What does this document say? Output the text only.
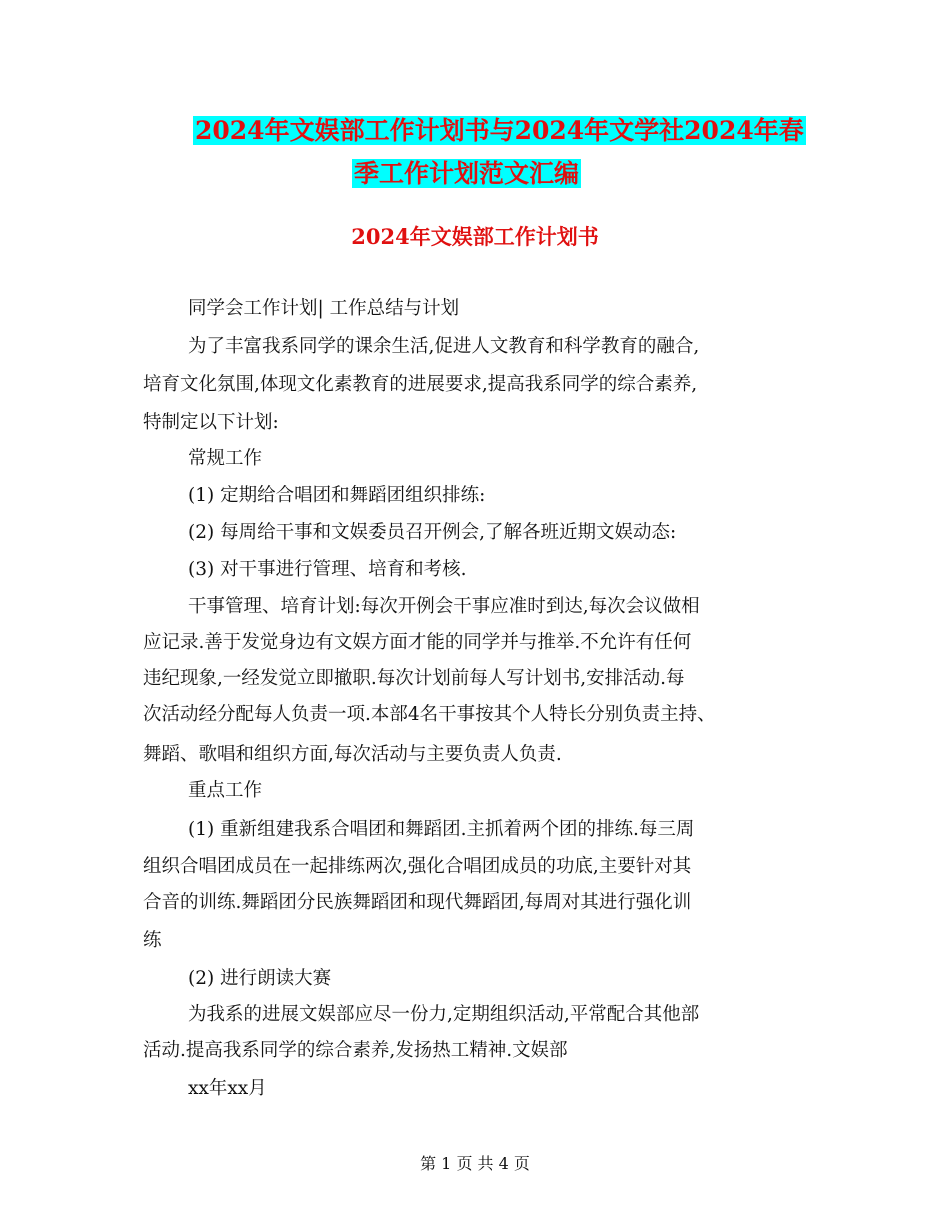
2024年文娱部工作计划书与2024年文学社2024年春
季工作计划范文汇编
2024年文娱部工作计划书
同学会工作计划| 工作总结与计划
为了丰富我系同学的课余生活,促进人文教育和科学教育的融合,
培育文化氛围,体现文化素教育的进展要求,提高我系同学的综合素养,
特制定以下计划:
常规工作
(1) 定期给合唱团和舞蹈团组织排练:
(2) 每周给干事和文娱委员召开例会,了解各班近期文娱动态:
(3) 对干事进行管理、培育和考核.
干事管理、培育计划:每次开例会干事应准时到达,每次会议做相
应记录.善于发觉身边有文娱方面才能的同学并与推举.不允许有任何
违纪现象,一经发觉立即撤职.每次计划前每人写计划书,安排活动.每
次活动经分配每人负责一项.本部4名干事按其个人特长分别负责主持、
舞蹈、歌唱和组织方面,每次活动与主要负责人负责.
重点工作
(1) 重新组建我系合唱团和舞蹈团.主抓着两个团的排练.每三周
组织合唱团成员在一起排练两次,强化合唱团成员的功底,主要针对其
合音的训练.舞蹈团分民族舞蹈团和现代舞蹈团,每周对其进行强化训
练
(2) 进行朗读大赛
为我系的进展文娱部应尽一份力,定期组织活动,平常配合其他部
活动.提高我系同学的综合素养,发扬热工精神.文娱部
xx年xx月
第 1 页 共 4 页
